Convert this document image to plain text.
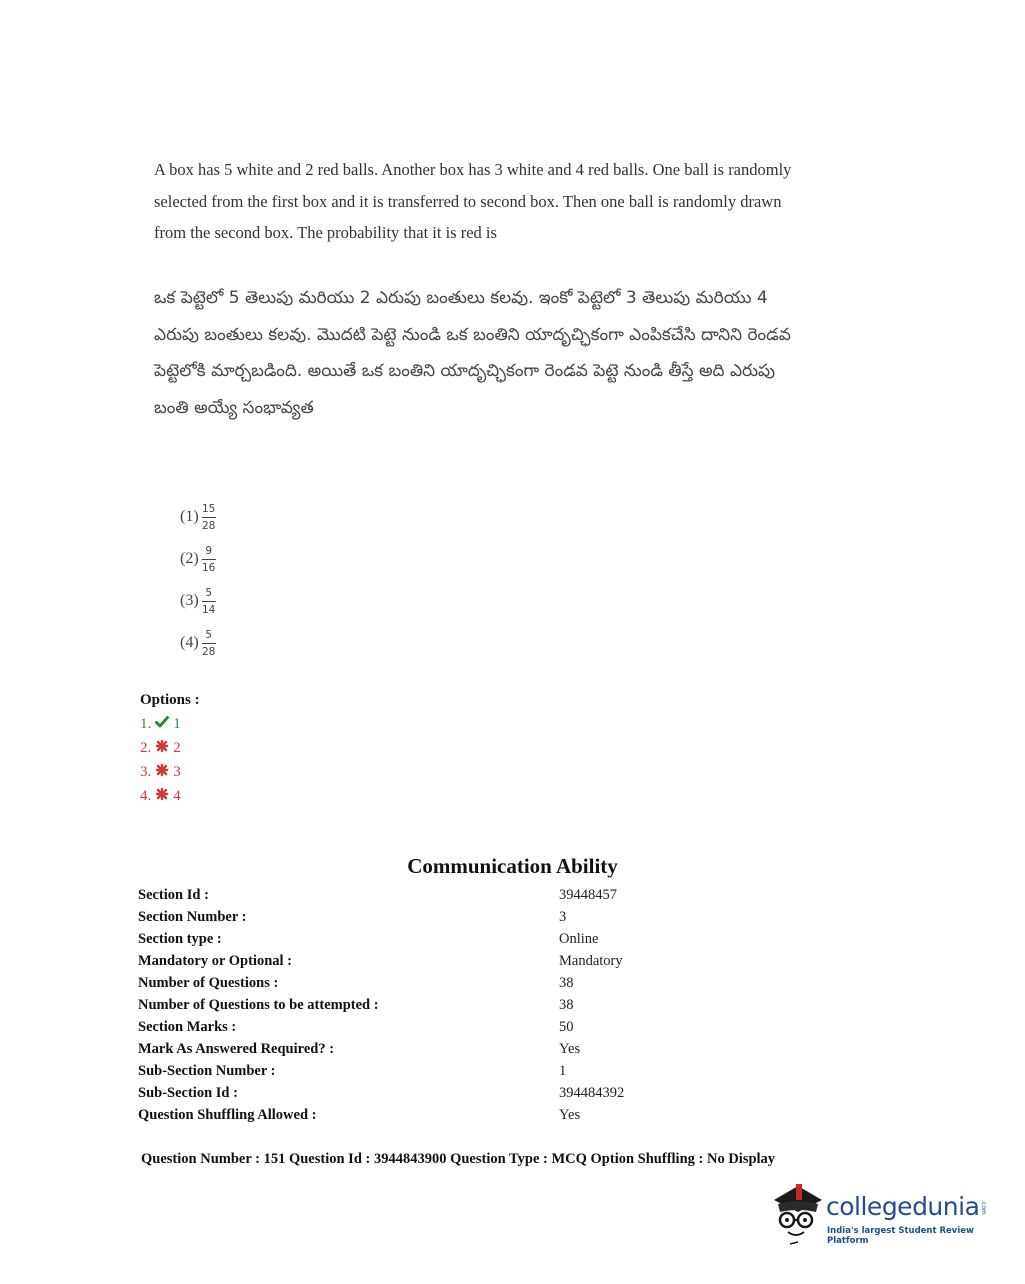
A box has 5 white and 2 red balls. Another box has 3 white and 4 red balls. One ball is randomly selected from the first box and it is transferred to second box. Then one ball is randomly drawn from the second box. The probability that it is red is
ఒక పెట్టెలో 5 తెలుపు మరియు 2 ఎరుపు బంతులు కలవు. ఇంకో పెట్టెలో 3 తెలుపు మరియు 4 ఎరుపు బంతులు కలవు. మొదటి పెట్టె నుండి ఒక బంతిని యాదృచ్ఛికంగా ఎంపికచేసి దానిని రెండవ పెట్టెలోకి మార్చబడింది. అయితే ఒక బంతిని యాదృచ్ఛికంగా రెండవ పెట్టె నుండి తీస్తే అది ఎరుపు బంతి అయ్యే సంభావ్యత
$(1) \frac{15}{28}$
$(2) \frac{9}{16}$
$(3) \frac{5}{14}$
$(4) \frac{5}{28}$
Options :
1. 1
2. 2
3. 3
4. 4
Communication Ability
Section Id :	39448457
Section Number :	3
Section type :	Online
Mandatory or Optional :	Mandatory
Number of Questions :	38
Number of Questions to be attempted :	38
Section Marks :	50
Mark As Answered Required? :	Yes
Sub-Section Number :	1
Sub-Section Id :	394484392
Question Shuffling Allowed :	Yes
Question Number : 151 Question Id : 3944843900 Question Type : MCQ Option Shuffling : No Display
collegedunia .com
India's largest Student Review Platform
